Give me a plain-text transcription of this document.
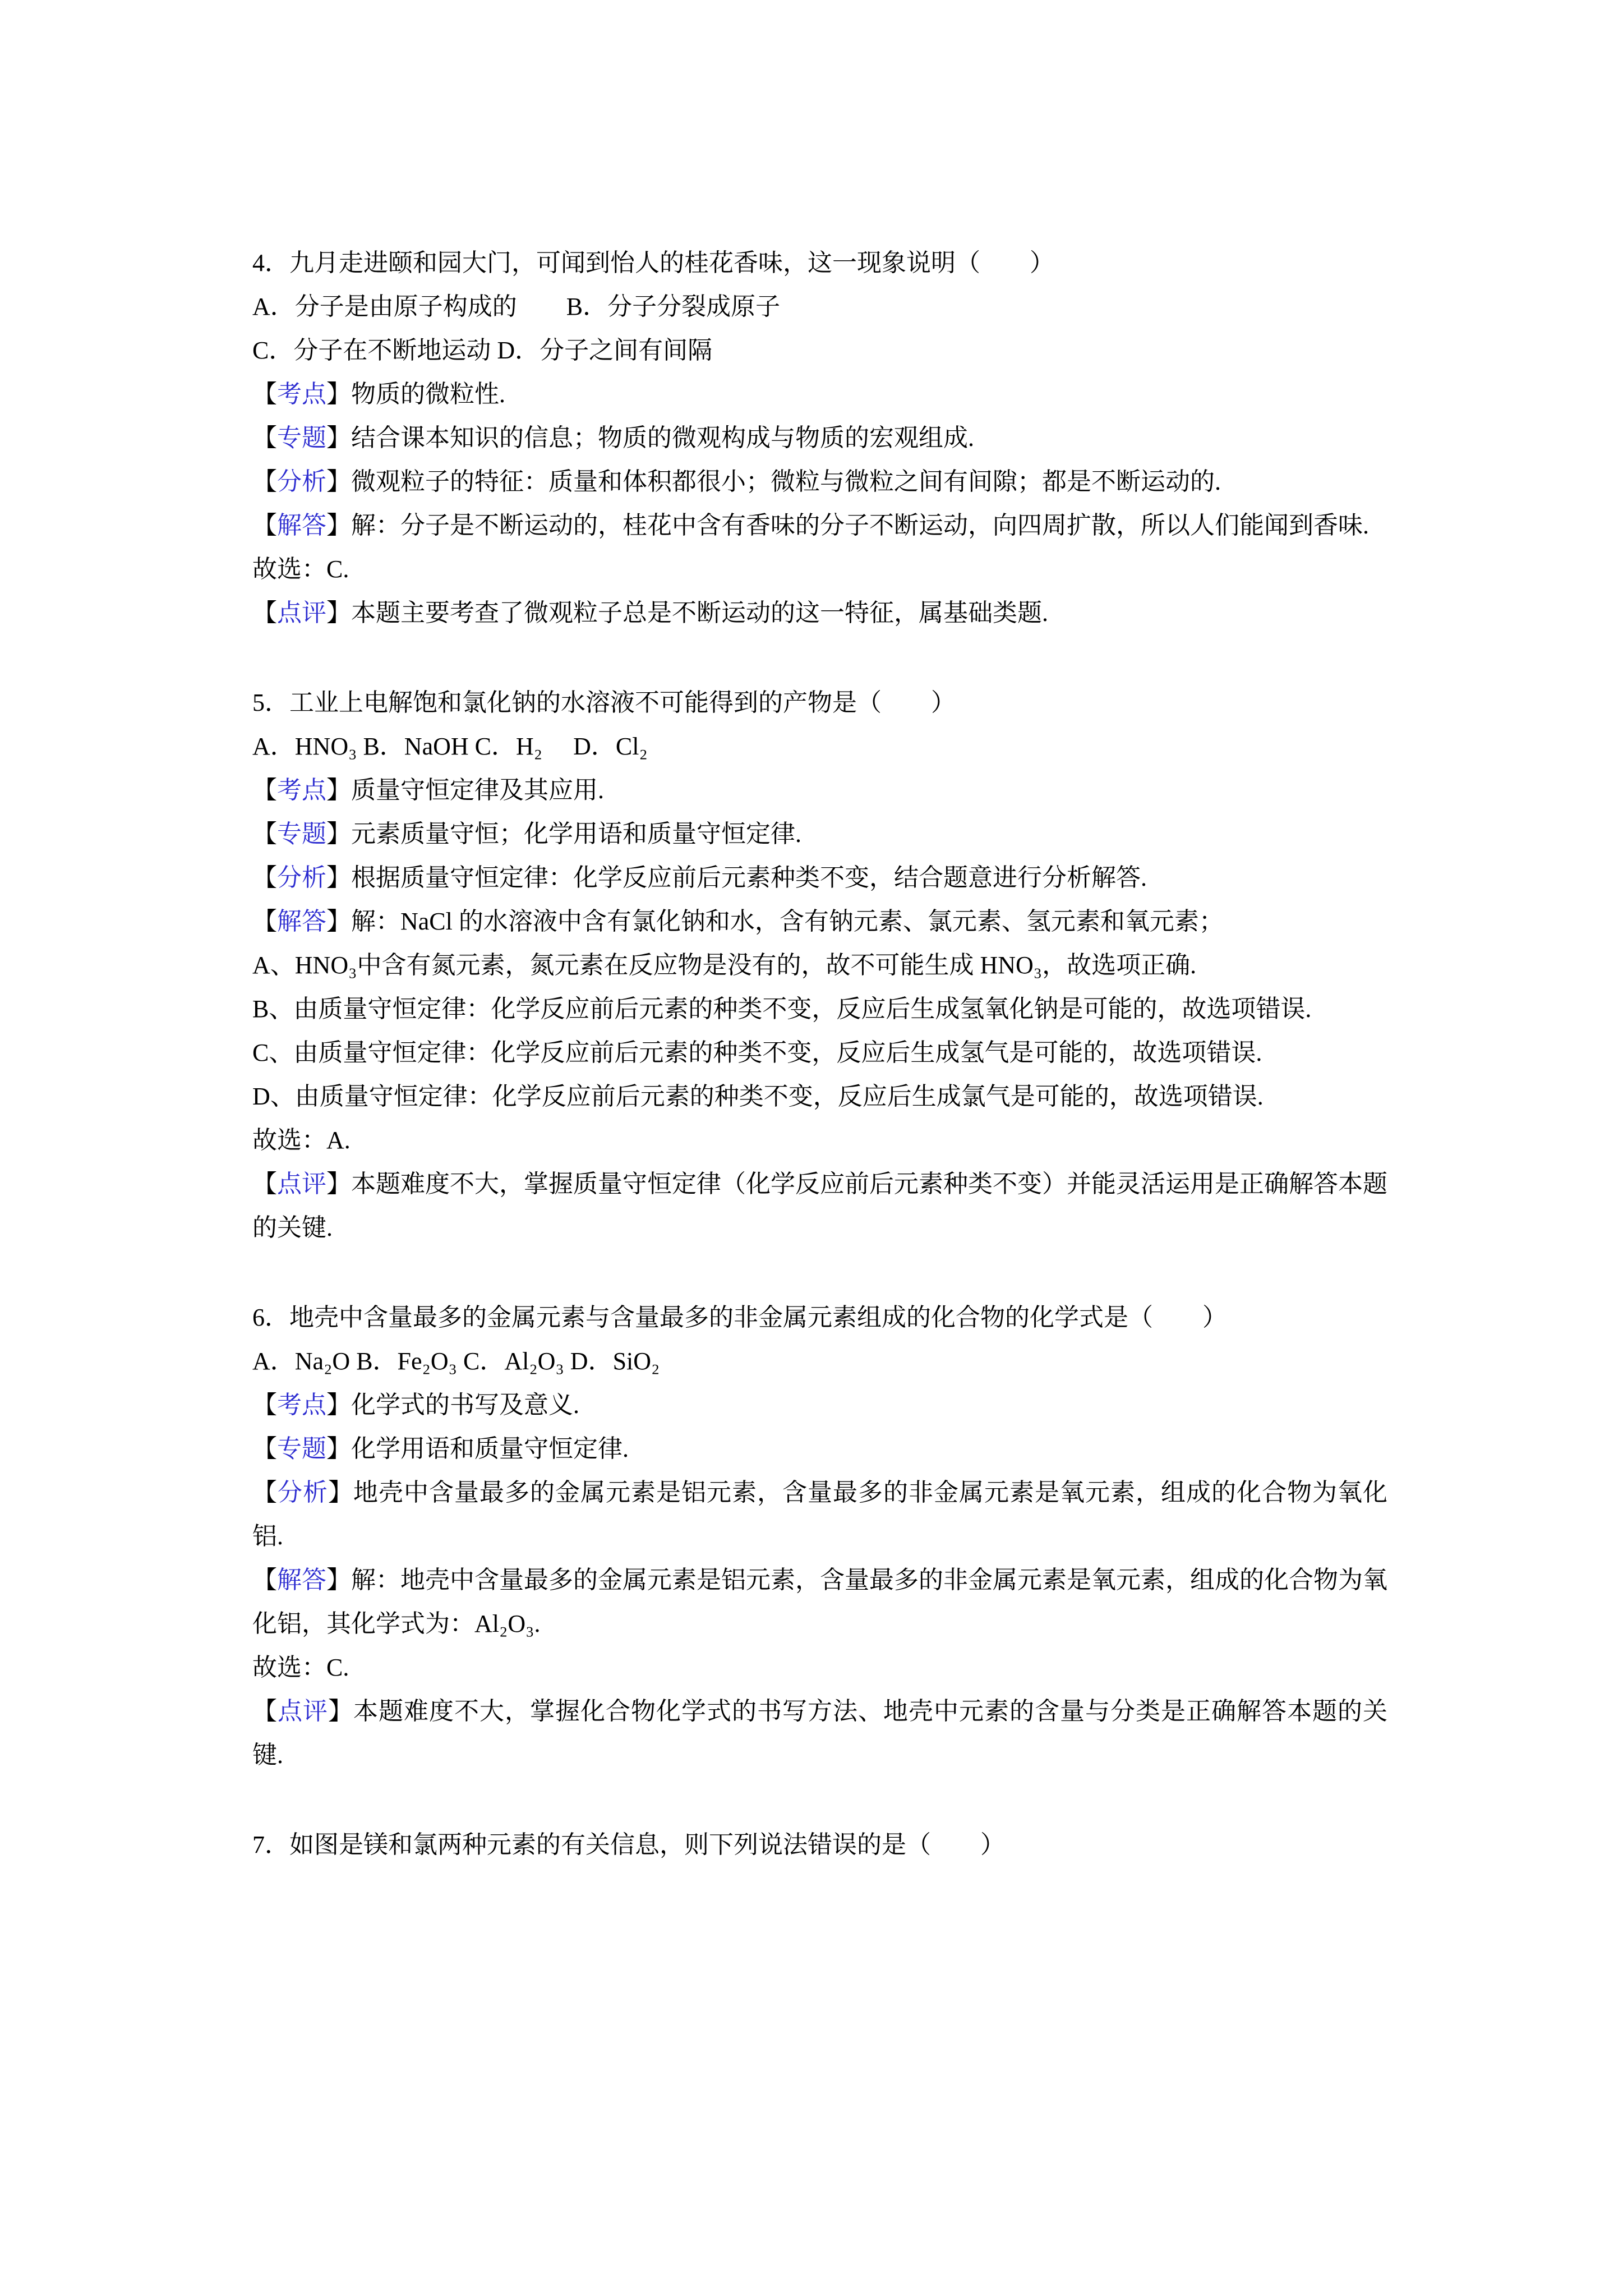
4．九月走进颐和园大门，可闻到怡人的桂花香味，这一现象说明（　　）

A．分子是由原子构成的　　B．分子分裂成原子

C．分子在不断地运动 D．分子之间有间隔

【考点】物质的微粒性.

【专题】结合课本知识的信息；物质的微观构成与物质的宏观组成.

【分析】微观粒子的特征：质量和体积都很小；微粒与微粒之间有间隙；都是不断运动的.

【解答】解：分子是不断运动的，桂花中含有香味的分子不断运动，向四周扩散，所以人们能闻到香味.

故选：C.

【点评】本题主要考查了微观粒子总是不断运动的这一特征，属基础类题.

5．工业上电解饱和氯化钠的水溶液不可能得到的产物是（　　）

A．HNO₃ B．NaOH C．H₂　 D．Cl₂

【考点】质量守恒定律及其应用.

【专题】元素质量守恒；化学用语和质量守恒定律.

【分析】根据质量守恒定律：化学反应前后元素种类不变，结合题意进行分析解答.

【解答】解：NaCl 的水溶液中含有氯化钠和水，含有钠元素、氯元素、氢元素和氧元素；

A、HNO₃中含有氮元素，氮元素在反应物是没有的，故不可能生成 HNO₃，故选项正确.

B、由质量守恒定律：化学反应前后元素的种类不变，反应后生成氢氧化钠是可能的，故选项错误.

C、由质量守恒定律：化学反应前后元素的种类不变，反应后生成氢气是可能的，故选项错误.

D、由质量守恒定律：化学反应前后元素的种类不变，反应后生成氯气是可能的，故选项错误.

故选：A.

【点评】本题难度不大，掌握质量守恒定律（化学反应前后元素种类不变）并能灵活运用是正确解答本题的关键.

6．地壳中含量最多的金属元素与含量最多的非金属元素组成的化合物的化学式是（　　）

A．Na₂O B．Fe₂O₃ C．Al₂O₃ D．SiO₂

【考点】化学式的书写及意义.

【专题】化学用语和质量守恒定律.

【分析】地壳中含量最多的金属元素是铝元素，含量最多的非金属元素是氧元素，组成的化合物为氧化铝.

【解答】解：地壳中含量最多的金属元素是铝元素，含量最多的非金属元素是氧元素，组成的化合物为氧化铝，其化学式为：Al₂O₃.

故选：C.

【点评】本题难度不大，掌握化合物化学式的书写方法、地壳中元素的含量与分类是正确解答本题的关键.

7．如图是镁和氯两种元素的有关信息，则下列说法错误的是（　　）
